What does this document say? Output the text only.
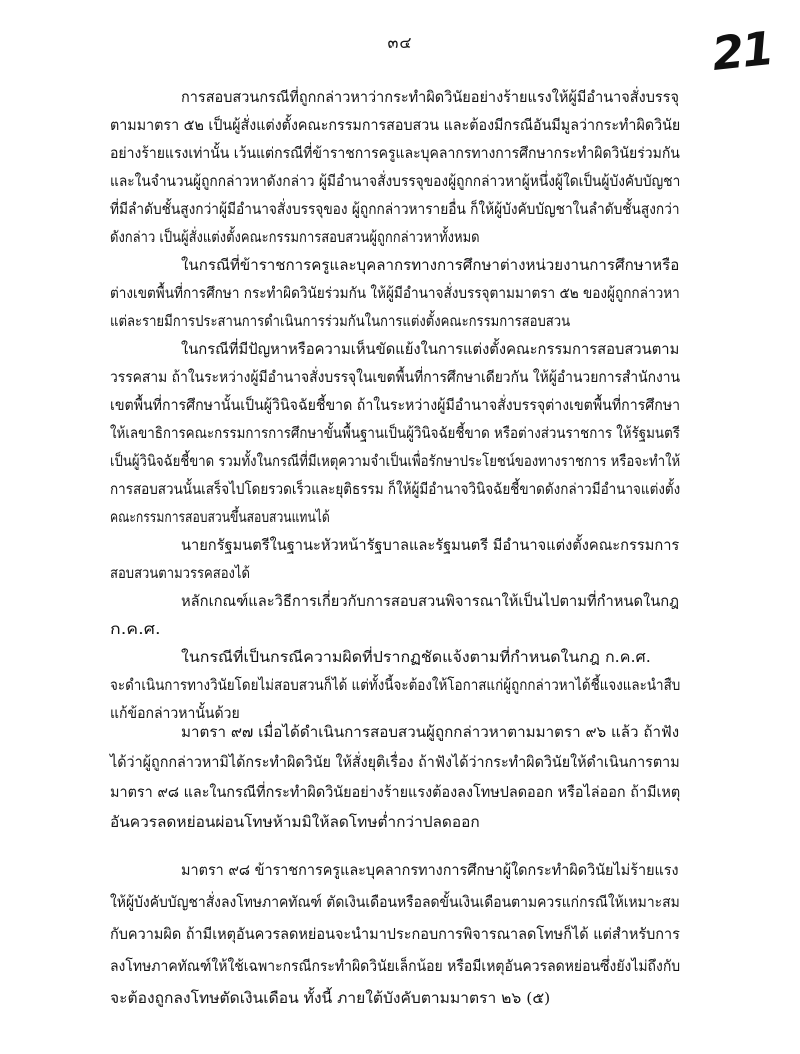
๓๔	21
การสอบสวนกรณีที่ถูกกล่าวหาว่ากระทำผิดวินัยอย่างร้ายแรงให้ผู้มีอำนาจสั่งบรรจุ
ตามมาตรา ๕๒ เป็นผู้สั่งแต่งตั้งคณะกรรมการสอบสวน และต้องมีกรณีอันมีมูลว่ากระทำผิดวินัย
อย่างร้ายแรงเท่านั้น เว้นแต่กรณีที่ข้าราชการครูและบุคลากรทางการศึกษากระทำผิดวินัยร่วมกัน
และในจำนวนผู้ถูกกล่าวหาดังกล่าว ผู้มีอำนาจสั่งบรรจุของผู้ถูกกล่าวหาผู้หนึ่งผู้ใดเป็นผู้บังคับบัญชา
ที่มีลำดับชั้นสูงกว่าผู้มีอำนาจสั่งบรรจุของ ผู้ถูกกล่าวหารายอื่น ก็ให้ผู้บังคับบัญชาในลำดับชั้นสูงกว่า
ดังกล่าว เป็นผู้สั่งแต่งตั้งคณะกรรมการสอบสวนผู้ถูกกล่าวหาทั้งหมด
ในกรณีที่ข้าราชการครูและบุคลากรทางการศึกษาต่างหน่วยงานการศึกษาหรือ
ต่างเขตพื้นที่การศึกษา กระทำผิดวินัยร่วมกัน ให้ผู้มีอำนาจสั่งบรรจุตามมาตรา ๕๒ ของผู้ถูกกล่าวหา
แต่ละรายมีการประสานการดำเนินการร่วมกันในการแต่งตั้งคณะกรรมการสอบสวน
ในกรณีที่มีปัญหาหรือความเห็นขัดแย้งในการแต่งตั้งคณะกรรมการสอบสวนตาม
วรรคสาม ถ้าในระหว่างผู้มีอำนาจสั่งบรรจุในเขตพื้นที่การศึกษาเดียวกัน ให้ผู้อำนวยการสำนักงาน
เขตพื้นที่การศึกษานั้นเป็นผู้วินิจฉัยชี้ขาด ถ้าในระหว่างผู้มีอำนาจสั่งบรรจุต่างเขตพื้นที่การศึกษา
ให้เลขาธิการคณะกรรมการการศึกษาขั้นพื้นฐานเป็นผู้วินิจฉัยชี้ขาด หรือต่างส่วนราชการ ให้รัฐมนตรี
เป็นผู้วินิจฉัยชี้ขาด รวมทั้งในกรณีที่มีเหตุความจำเป็นเพื่อรักษาประโยชน์ของทางราชการ หรือจะทำให้
การสอบสวนนั้นเสร็จไปโดยรวดเร็วและยุติธรรม ก็ให้ผู้มีอำนาจวินิจฉัยชี้ขาดดังกล่าวมีอำนาจแต่งตั้ง
คณะกรรมการสอบสวนขึ้นสอบสวนแทนได้
นายกรัฐมนตรีในฐานะหัวหน้ารัฐบาลและรัฐมนตรี มีอำนาจแต่งตั้งคณะกรรมการ
สอบสวนตามวรรคสองได้
หลักเกณฑ์และวิธีการเกี่ยวกับการสอบสวนพิจารณาให้เป็นไปตามที่กำหนดในกฎ
ก.ค.ศ.
ในกรณีที่เป็นกรณีความผิดที่ปรากฏชัดแจ้งตามที่กำหนดในกฎ ก.ค.ศ.
จะดำเนินการทางวินัยโดยไม่สอบสวนก็ได้ แต่ทั้งนี้จะต้องให้โอกาสแก่ผู้ถูกกล่าวหาได้ชี้แจงและนำสืบ
แก้ข้อกล่าวหานั้นด้วย
มาตรา ๙๗ เมื่อได้ดำเนินการสอบสวนผู้ถูกกล่าวหาตามมาตรา ๙๖ แล้ว ถ้าฟัง
ได้ว่าผู้ถูกกล่าวหามิได้กระทำผิดวินัย ให้สั่งยุติเรื่อง ถ้าฟังได้ว่ากระทำผิดวินัยให้ดำเนินการตาม
มาตรา ๙๘ และในกรณีที่กระทำผิดวินัยอย่างร้ายแรงต้องลงโทษปลดออก หรือไล่ออก ถ้ามีเหตุ
อันควรลดหย่อนผ่อนโทษห้ามมิให้ลดโทษต่ำกว่าปลดออก
มาตรา ๙๘ ข้าราชการครูและบุคลากรทางการศึกษาผู้ใดกระทำผิดวินัยไม่ร้ายแรง
ให้ผู้บังคับบัญชาสั่งลงโทษภาคทัณฑ์ ตัดเงินเดือนหรือลดขั้นเงินเดือนตามควรแก่กรณีให้เหมาะสม
กับความผิด ถ้ามีเหตุอันควรลดหย่อนจะนำมาประกอบการพิจารณาลดโทษก็ได้ แต่สำหรับการ
ลงโทษภาคทัณฑ์ให้ใช้เฉพาะกรณีกระทำผิดวินัยเล็กน้อย หรือมีเหตุอันควรลดหย่อนซึ่งยังไม่ถึงกับ
จะต้องถูกลงโทษตัดเงินเดือน ทั้งนี้ ภายใต้บังคับตามมาตรา ๒๖ (๕)
